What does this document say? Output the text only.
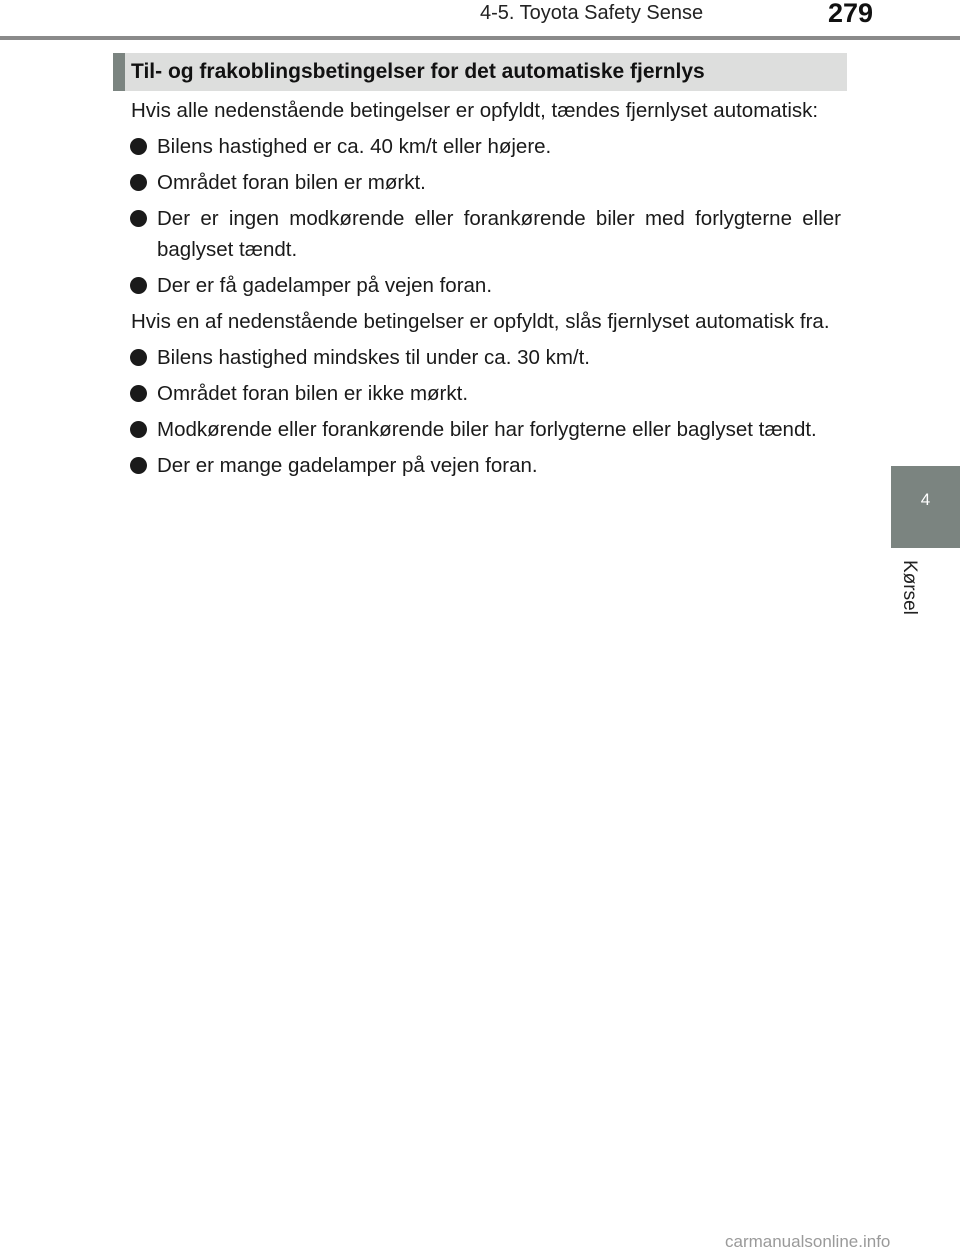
4-5. Toyota Safety Sense	279
4
Kørsel
Til- og frakoblingsbetingelser for det automatiske fjernlys

Hvis alle nedenstående betingelser er opfyldt, tændes fjernlyset automatisk:

Bilens hastighed er ca. 40 km/t eller højere.
Området foran bilen er mørkt.
Der er ingen modkørende eller forankørende biler med forlygterne eller baglyset tændt.
Der er få gadelamper på vejen foran.

Hvis en af nedenstående betingelser er opfyldt, slås fjernlyset automatisk fra.

Bilens hastighed mindskes til under ca. 30 km/t.
Området foran bilen er ikke mørkt.
Modkørende eller forankørende biler har forlygterne eller baglyset tændt.
Der er mange gadelamper på vejen foran.
carmanualsonline.info
